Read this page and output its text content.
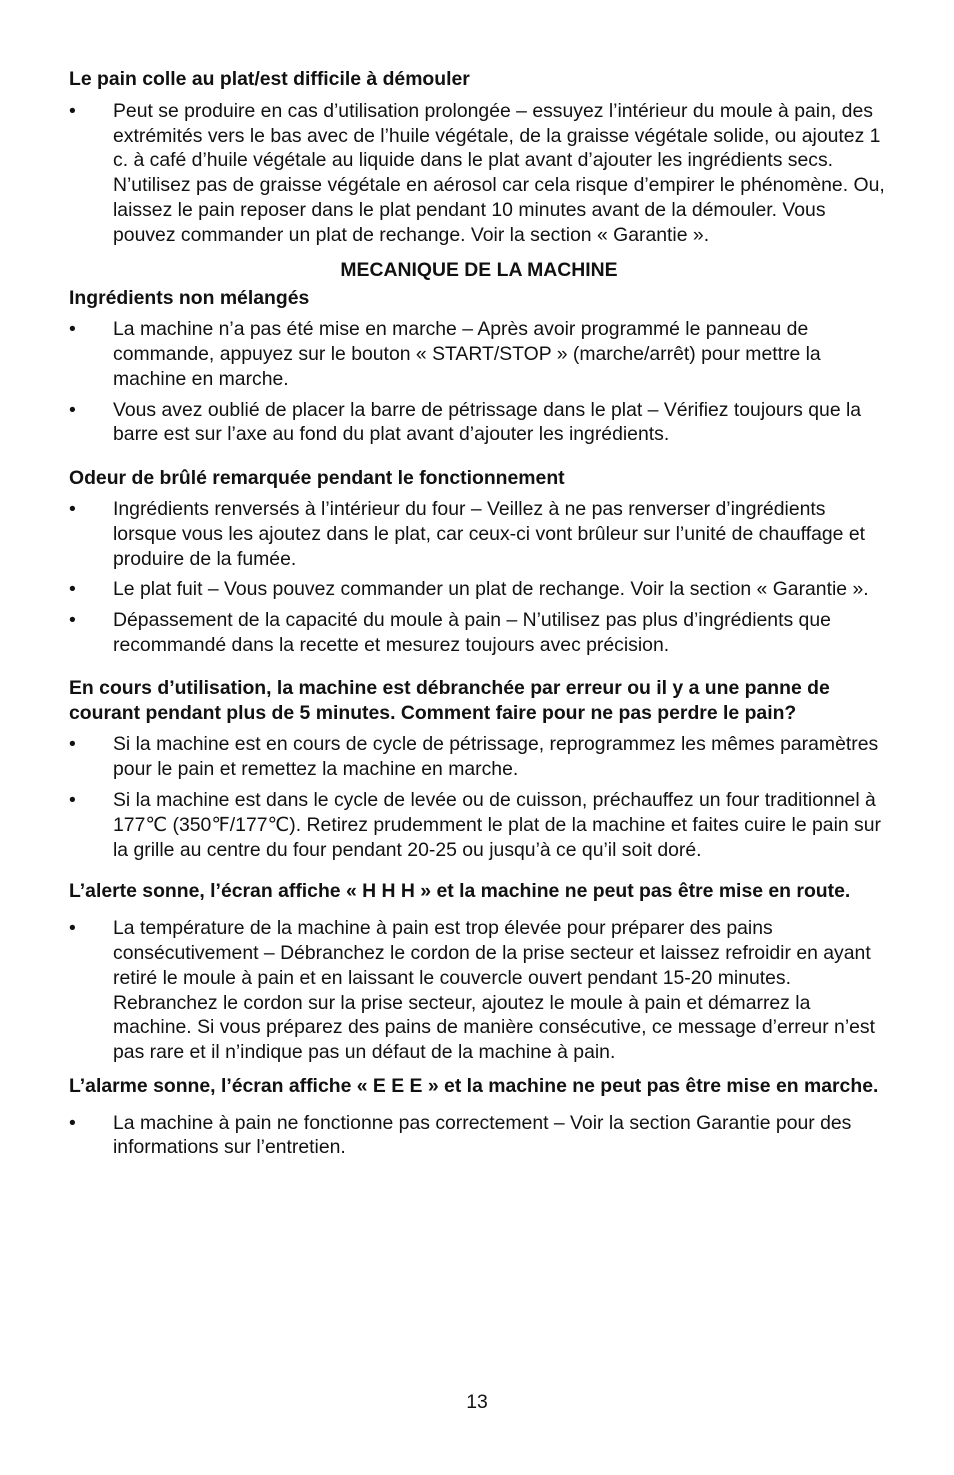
Le pain colle au plat/est difficile à démouler

• Peut se produire en cas d’utilisation prolongée – essuyez l’intérieur du moule à pain, des extrémités vers le bas avec de l’huile végétale, de la graisse végétale solide, ou ajoutez 1 c. à café d’huile végétale au liquide dans le plat avant d’ajouter les ingrédients secs. N’utilisez pas de graisse végétale en aérosol car cela risque d’empirer le phénomène. Ou, laissez le pain reposer dans le plat pendant 10 minutes avant de la démouler. Vous pouvez commander un plat de rechange. Voir la section « Garantie ».

MECANIQUE DE LA MACHINE

Ingrédients non mélangés

• La machine n’a pas été mise en marche – Après avoir programmé le panneau de commande, appuyez sur le bouton « START/STOP » (marche/arrêt) pour mettre la machine en marche.
• Vous avez oublié de placer la barre de pétrissage dans le plat – Vérifiez toujours que la barre est sur l’axe au fond du plat avant d’ajouter les ingrédients.

Odeur de brûlé remarquée pendant le fonctionnement

• Ingrédients renversés à l’intérieur du four – Veillez à ne pas renverser d’ingrédients lorsque vous les ajoutez dans le plat, car ceux-ci vont brûleur sur l’unité de chauffage et produire de la fumée.
• Le plat fuit – Vous pouvez commander un plat de rechange. Voir la section « Garantie ».
• Dépassement de la capacité du moule à pain – N’utilisez pas plus d’ingrédients que recommandé dans la recette et mesurez toujours avec précision.

En cours d’utilisation, la machine est débranchée par erreur ou il y a une panne de courant pendant plus de 5 minutes. Comment faire pour ne pas perdre le pain?

• Si la machine est en cours de cycle de pétrissage, reprogrammez les mêmes paramètres pour le pain et remettez la machine en marche.
• Si la machine est dans le cycle de levée ou de cuisson, préchauffez un four traditionnel à 177℃ (350℉/177℃). Retirez prudemment le plat de la machine et faites cuire le pain sur la grille au centre du four pendant 20-25 ou jusqu’à ce qu’il soit doré.

L’alerte sonne, l’écran affiche « H H H » et la machine ne peut pas être mise en route.

• La température de la machine à pain est trop élevée pour préparer des pains consécutivement – Débranchez le cordon de la prise secteur et laissez refroidir en ayant retiré le moule à pain et en laissant le couvercle ouvert pendant 15-20 minutes. Rebranchez le cordon sur la prise secteur, ajoutez le moule à pain et démarrez la machine. Si vous préparez des pains de manière consécutive, ce message d’erreur n’est pas rare et il n’indique pas un défaut de la machine à pain.

L’alarme sonne, l’écran affiche « E E E » et la machine ne peut pas être mise en marche.

• La machine à pain ne fonctionne pas correctement – Voir la section Garantie pour des informations sur l’entretien.
13
